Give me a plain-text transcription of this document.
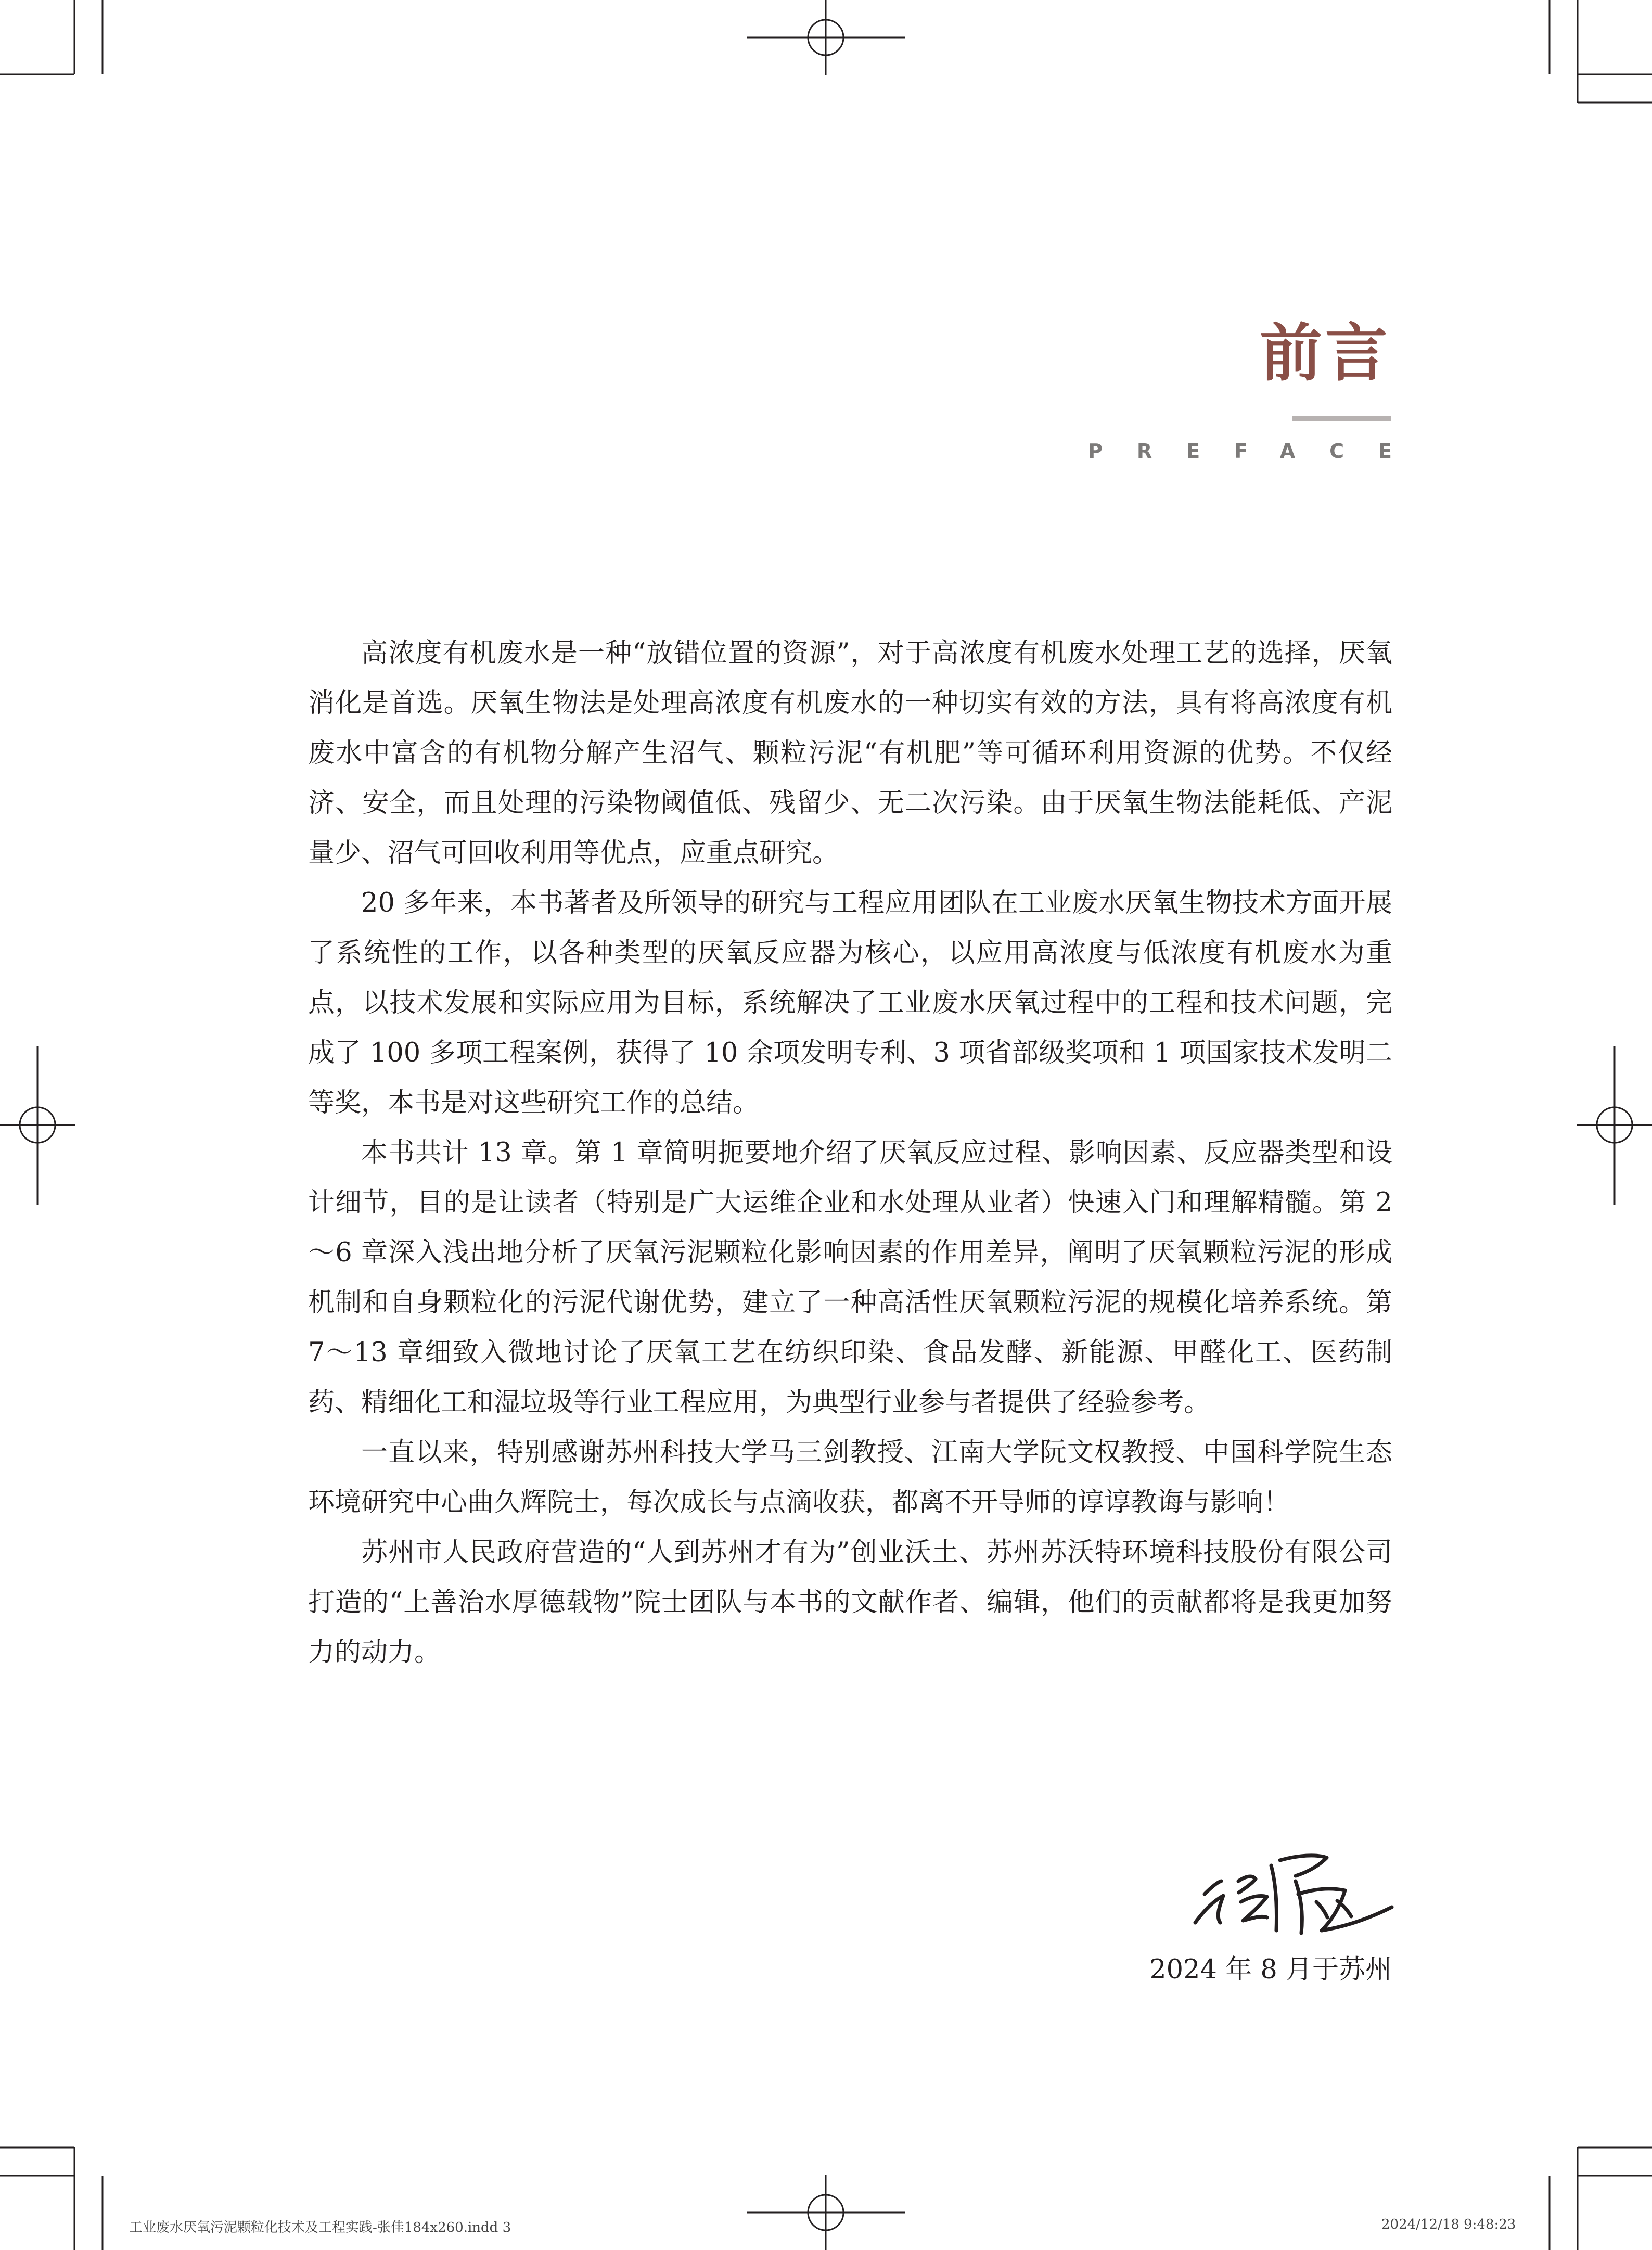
前言
PREFACE

高浓度有机废水是一种“放错位置的资源”，对于高浓度有机废水处理工艺的选择，厌氧消化是首选。厌氧生物法是处理高浓度有机废水的一种切实有效的方法，具有将高浓度有机废水中富含的有机物分解产生沼气、颗粒污泥“有机肥”等可循环利用资源的优势。不仅经济、安全，而且处理的污染物阈值低、残留少、无二次污染。由于厌氧生物法能耗低、产泥量少、沼气可回收利用等优点，应重点研究。

20 多年来，本书著者及所领导的研究与工程应用团队在工业废水厌氧生物技术方面开展了系统性的工作，以各种类型的厌氧反应器为核心，以应用高浓度与低浓度有机废水为重点，以技术发展和实际应用为目标，系统解决了工业废水厌氧过程中的工程和技术问题，完成了 100 多项工程案例，获得了 10 余项发明专利、3 项省部级奖项和 1 项国家技术发明二等奖，本书是对这些研究工作的总结。

本书共计 13 章。第 1 章简明扼要地介绍了厌氧反应过程、影响因素、反应器类型和设计细节，目的是让读者（特别是广大运维企业和水处理从业者）快速入门和理解精髓。第 2～6 章深入浅出地分析了厌氧污泥颗粒化影响因素的作用差异，阐明了厌氧颗粒污泥的形成机制和自身颗粒化的污泥代谢优势，建立了一种高活性厌氧颗粒污泥的规模化培养系统。第 7～13 章细致入微地讨论了厌氧工艺在纺织印染、食品发酵、新能源、甲醛化工、医药制药、精细化工和湿垃圾等行业工程应用，为典型行业参与者提供了经验参考。

一直以来，特别感谢苏州科技大学马三剑教授、江南大学阮文权教授、中国科学院生态环境研究中心曲久辉院士，每次成长与点滴收获，都离不开导师的谆谆教诲与影响！

苏州市人民政府营造的“人到苏州才有为”创业沃土、苏州苏沃特环境科技股份有限公司打造的“上善治水厚德载物”院士团队与本书的文献作者、编辑，他们的贡献都将是我更加努力的动力。

2024 年 8 月于苏州
工业废水厌氧污泥颗粒化技术及工程实践-张佳184x260.indd 3	2024/12/18 9:48:23
